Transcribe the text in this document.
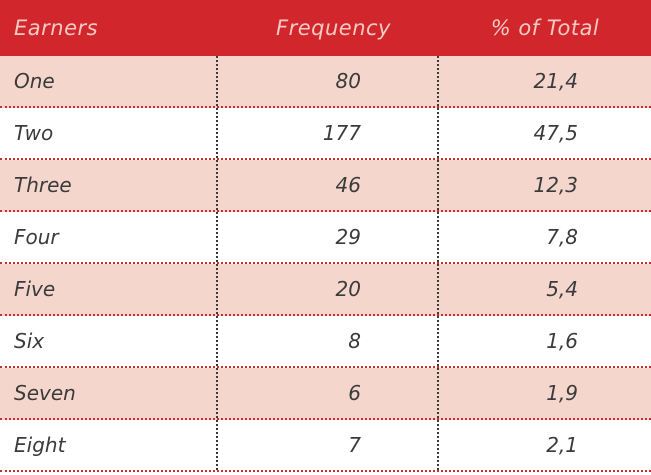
Earners	Frequency	% of Total
One	80	21,4
Two	177	47,5
Three	46	12,3
Four	29	7,8
Five	20	5,4
Six	8	1,6
Seven	6	1,9
Eight	7	2,1
